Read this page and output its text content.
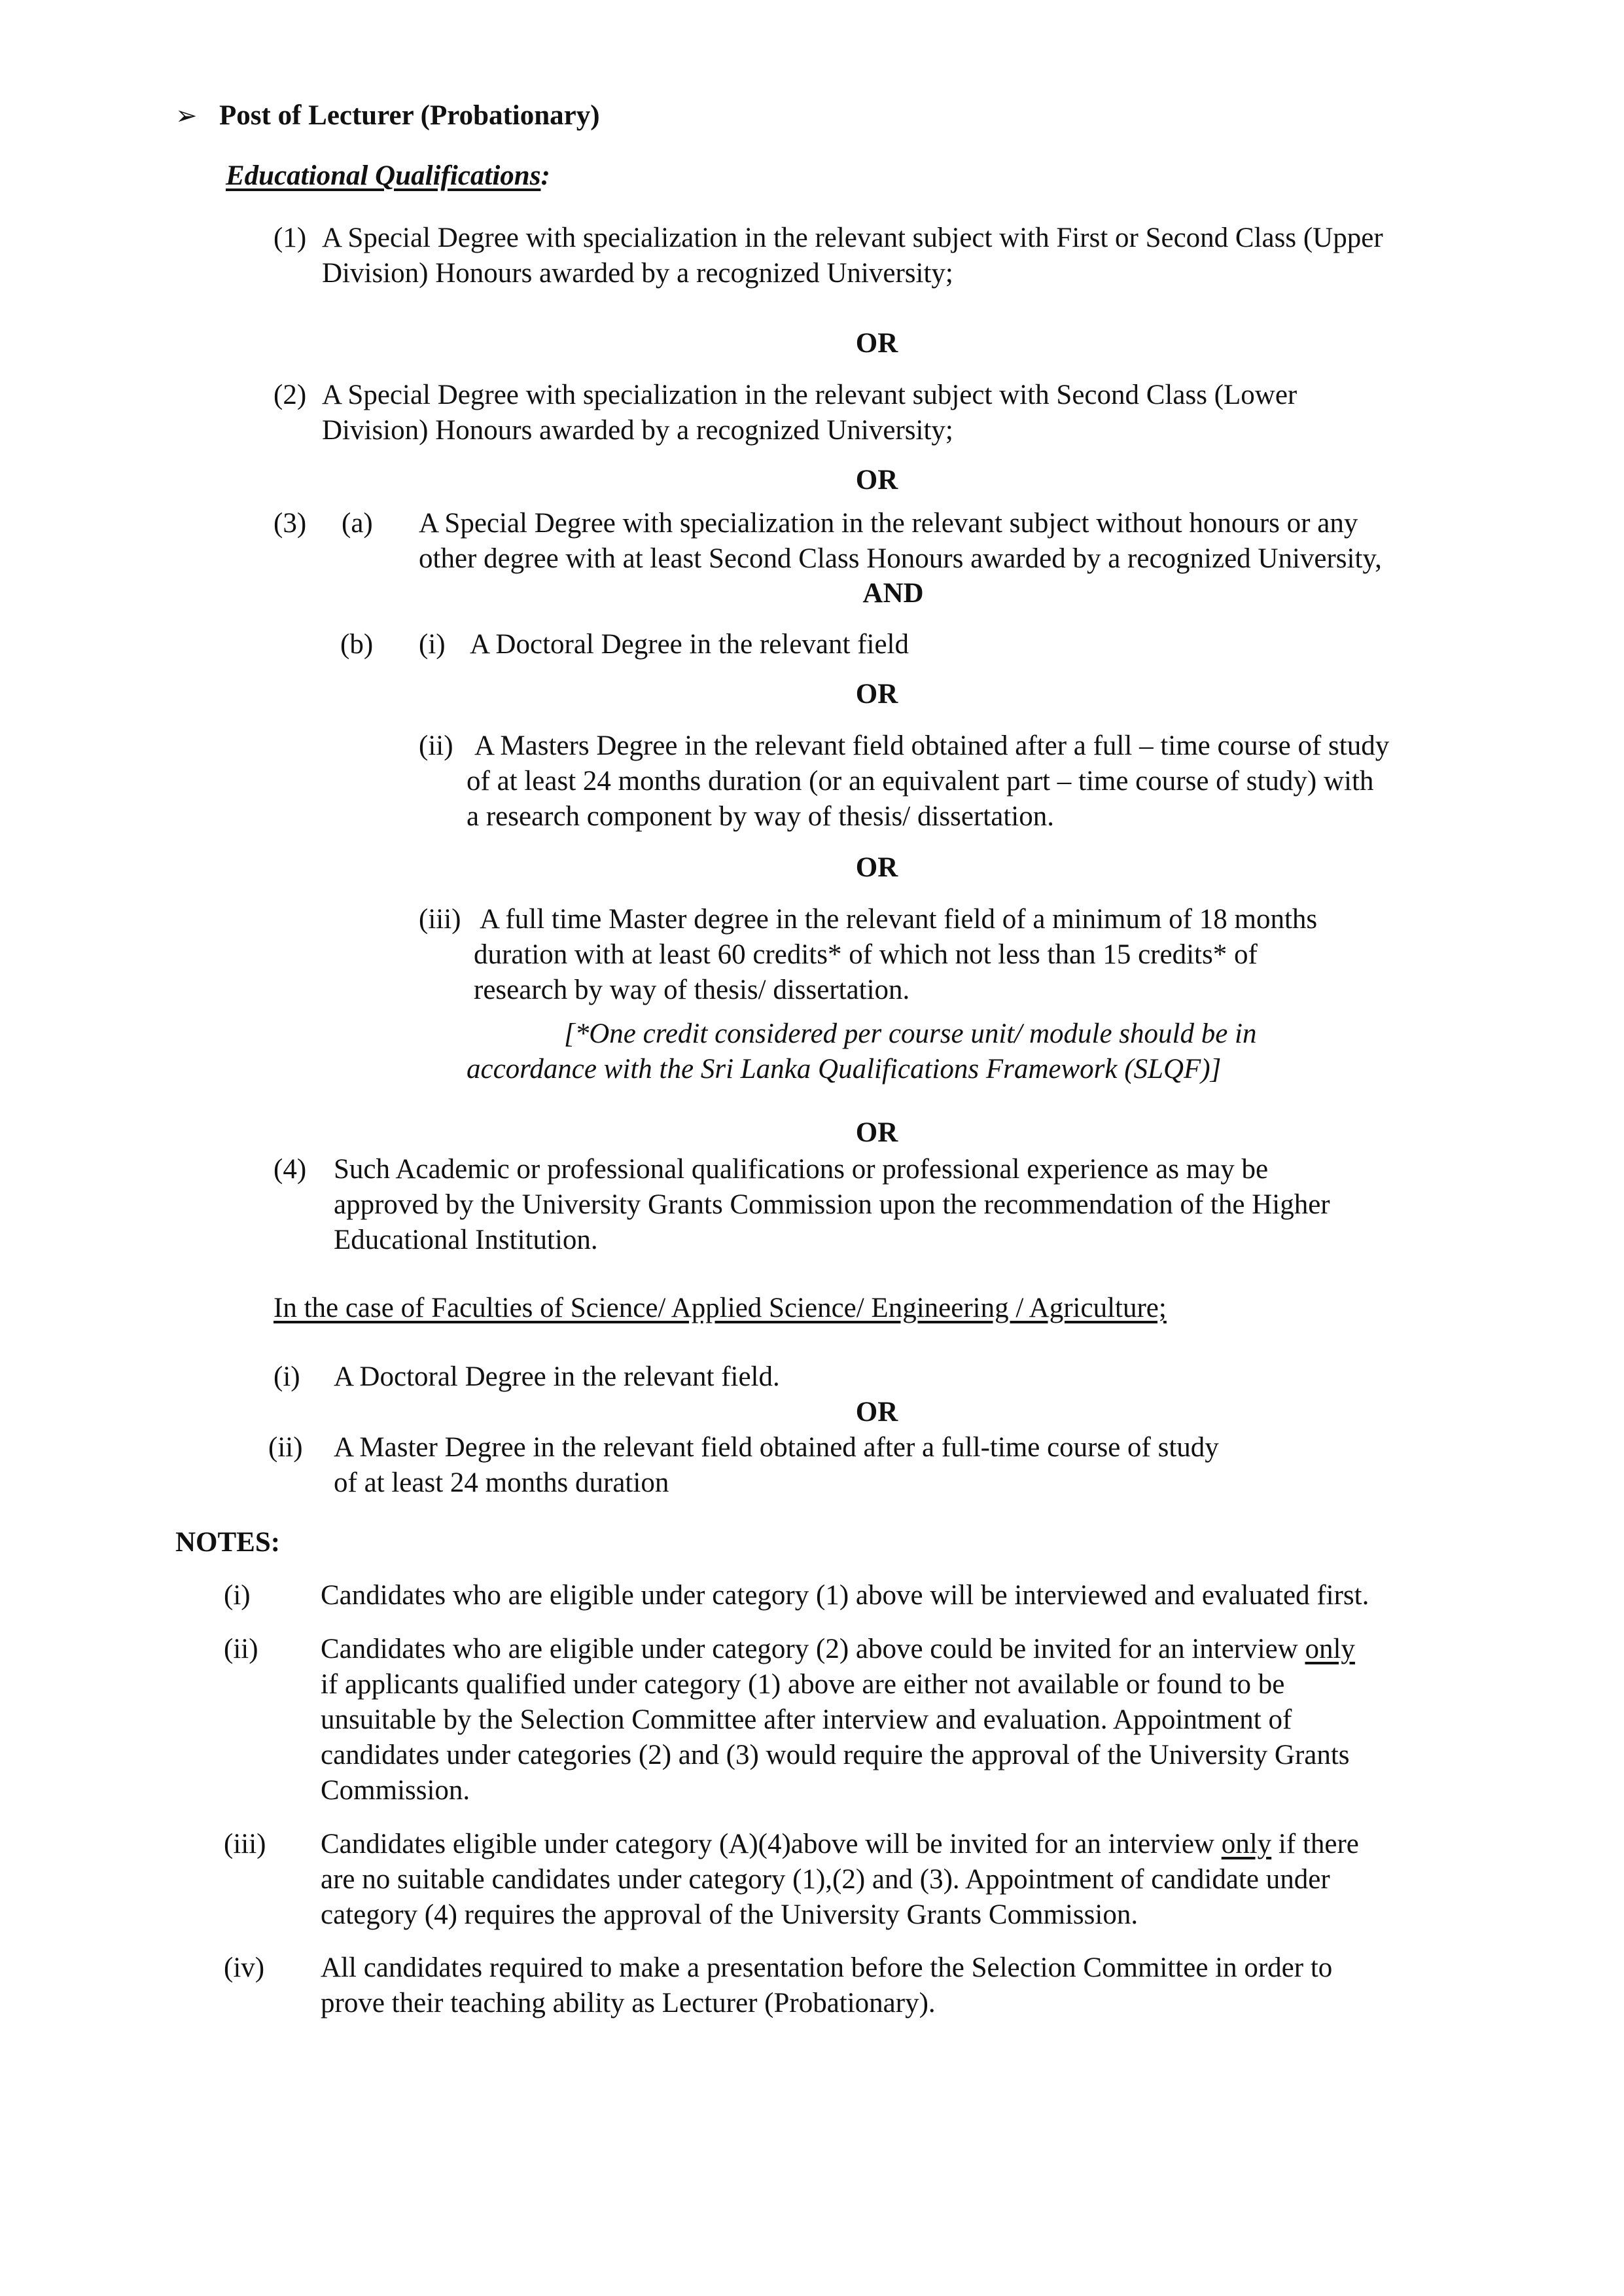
➢ Post of Lecturer (Probationary)
Educational Qualifications:
(1) A Special Degree with specialization in the relevant subject with First or Second Class (Upper
Division) Honours awarded by a recognized University;
OR
(2) A Special Degree with specialization in the relevant subject with Second Class (Lower
Division) Honours awarded by a recognized University;
OR
(3) (a) A Special Degree with specialization in the relevant subject without honours or any
other degree with at least Second Class Honours awarded by a recognized University,
AND
(b) (i) A Doctoral Degree in the relevant field
OR
(ii) A Masters Degree in the relevant field obtained after a full – time course of study
of at least 24 months duration (or an equivalent part – time course of study) with
a research component by way of thesis/ dissertation.
OR
(iii) A full time Master degree in the relevant field of a minimum of 18 months
duration with at least 60 credits* of which not less than 15 credits* of
research by way of thesis/ dissertation.
[*One credit considered per course unit/ module should be in
accordance with the Sri Lanka Qualifications Framework (SLQF)]
OR
(4) Such Academic or professional qualifications or professional experience as may be
approved by the University Grants Commission upon the recommendation of the Higher
Educational Institution.
In the case of Faculties of Science/ Applied Science/ Engineering / Agriculture;
(i) A Doctoral Degree in the relevant field.
OR
(ii) A Master Degree in the relevant field obtained after a full-time course of study
of at least 24 months duration
NOTES:
(i) Candidates who are eligible under category (1) above will be interviewed and evaluated first.
(ii) Candidates who are eligible under category (2) above could be invited for an interview only
if applicants qualified under category (1) above are either not available or found to be
unsuitable by the Selection Committee after interview and evaluation. Appointment of
candidates under categories (2) and (3) would require the approval of the University Grants
Commission.
(iii) Candidates eligible under category (A)(4)above will be invited for an interview only if there
are no suitable candidates under category (1),(2) and (3). Appointment of candidate under
category (4) requires the approval of the University Grants Commission.
(iv) All candidates required to make a presentation before the Selection Committee in order to
prove their teaching ability as Lecturer (Probationary).
